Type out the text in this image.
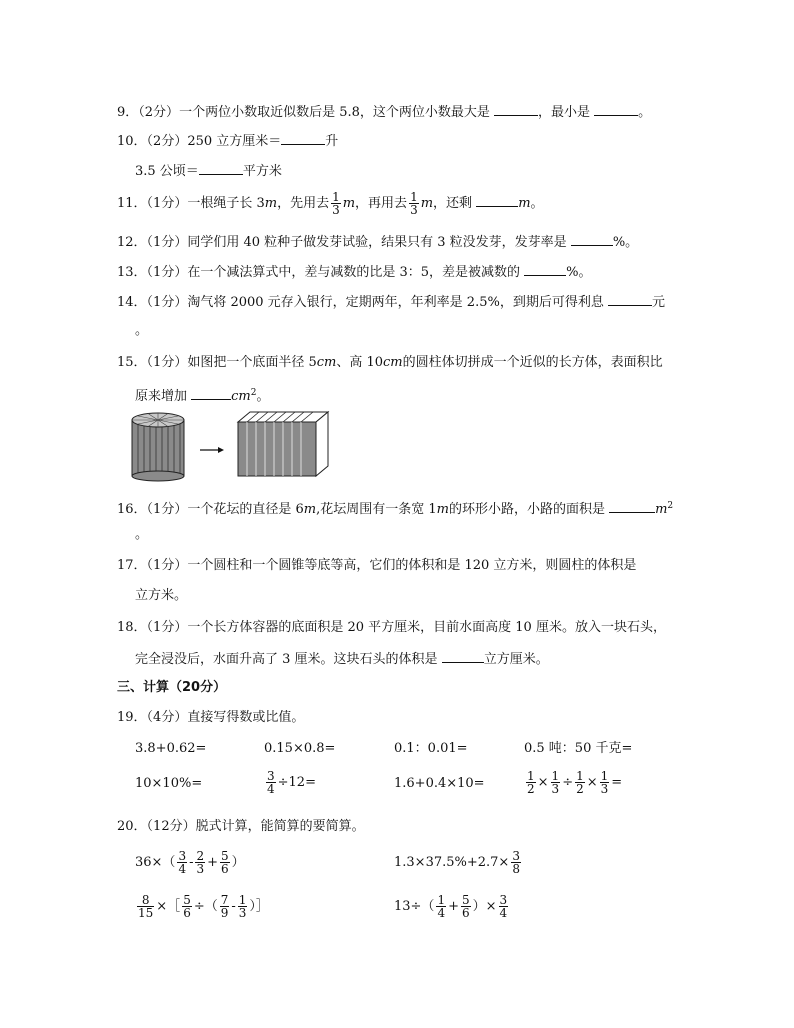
9．（2分）一个两位小数取近似数后是 5.8，这个两位小数最大是	，最小是	。
10．（2分）250 立方厘米＝	升
3.5 公顷＝	平方米
11．（1分）一根绳子长 3m，先用去 $\frac{1}{3}$ m，再用去 $\frac{1}{3}$ m，还剩	m。
12．（1分）同学们用 40 粒种子做发芽试验，结果只有 3 粒没发芽，发芽率是	%。
13．（1分）在一个减法算式中，差与减数的比是 3：5，差是被减数的	%。
14．（1分）淘气将 2000 元存入银行，定期两年，年利率是 2.5%，到期后可得利息	元
。
15．（1分）如图把一个底面半径 5cm、高 10cm的圆柱体切拼成一个近似的长方体，表面积比
原来增加	$cm^2$。
16．（1分）一个花坛的直径是 6m,花坛周围有一条宽 1m的环形小路，小路的面积是	$m^2$
。
17．（1分）一个圆柱和一个圆锥等底等高，它们的体积和是 120 立方米，则圆柱的体积是
立方米。
18．（1分）一个长方体容器的底面积是 20 平方厘米，目前水面高度 10 厘米。放入一块石头，
完全浸没后，水面升高了 3 厘米。这块石头的体积是	立方厘米。
三、计算（20分）
19．（4分）直接写得数或比值。
3.8+0.62=	0.15×0.8=	0.1：0.01=	0.5 吨：50 千克=
10×10%=	$\frac{3}{4} \div 12=$	1.6+0.4×10=	$\frac{1}{2} \times \frac{1}{3} \div \frac{1}{2} \times \frac{1}{3}$ =
20．（12分）脱式计算，能简算的要简算。
$36\times( \frac{3}{4} - \frac{2}{3} + \frac{5}{6}$ ）	$1.3\times 37.5\%+2.7\times \frac{3}{8}$
$\frac{8}{15}$ ×［ $\frac{5}{6}$ ÷（ $\frac{7}{9} - \frac{1}{3}$ ）］	$13\div( \frac{1}{4} + \frac{5}{6}$ ）× $\frac{3}{4}$
